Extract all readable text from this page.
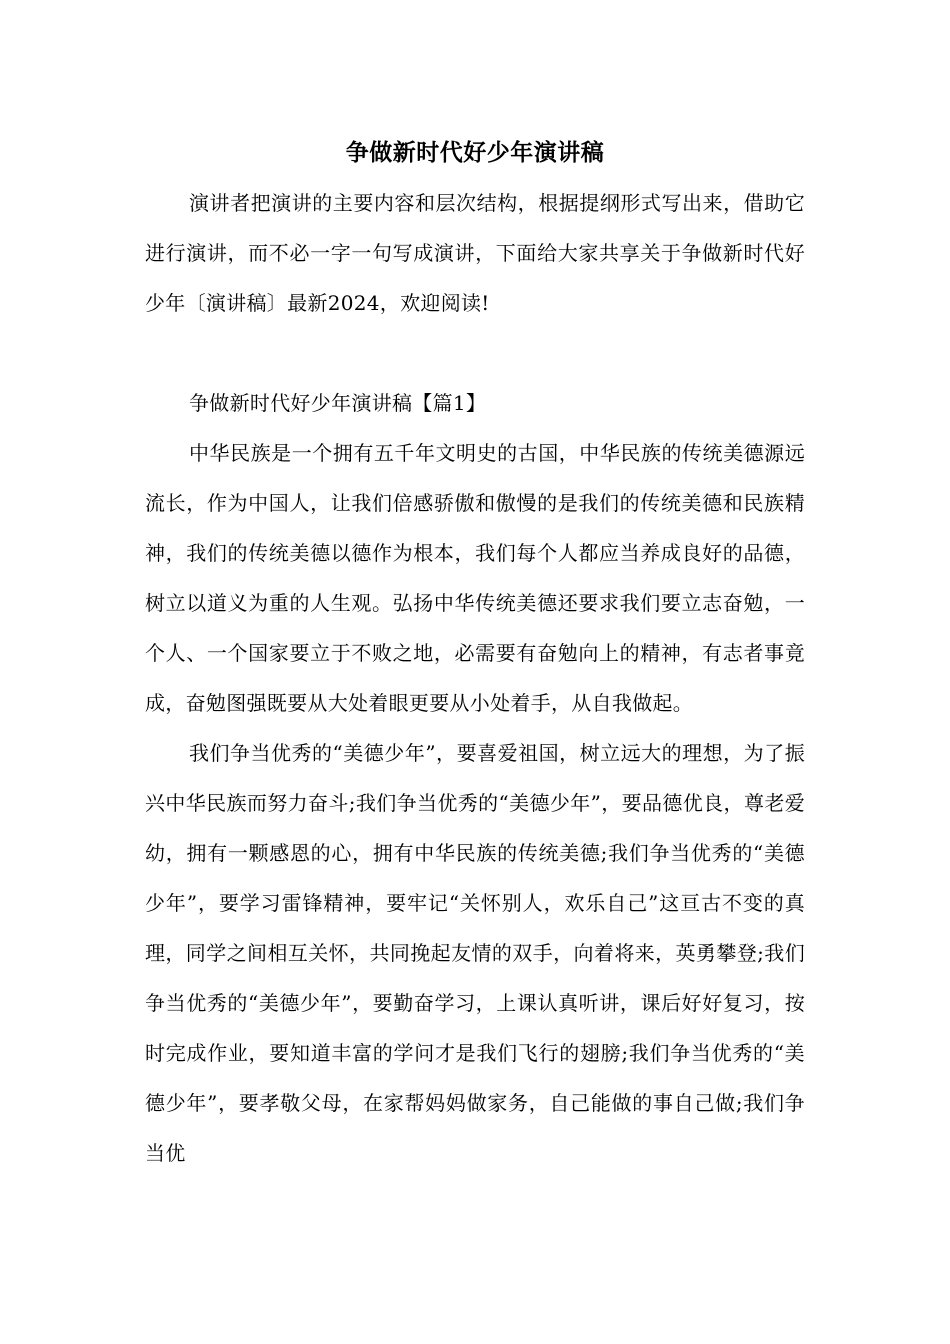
争做新时代好少年演讲稿

演讲者把演讲的主要内容和层次结构，根据提纲形式写出来，借助它进行演讲，而不必一字一句写成演讲，下面给大家共享关于争做新时代好少年〔演讲稿〕最新2024，欢迎阅读!

争做新时代好少年演讲稿【篇1】

中华民族是一个拥有五千年文明史的古国，中华民族的传统美德源远流长，作为中国人，让我们倍感骄傲和傲慢的是我们的传统美德和民族精神，我们的传统美德以德作为根本，我们每个人都应当养成良好的品德，树立以道义为重的人生观。弘扬中华传统美德还要求我们要立志奋勉，一个人、一个国家要立于不败之地，必需要有奋勉向上的精神，有志者事竟成，奋勉图强既要从大处着眼更要从小处着手，从自我做起。

我们争当优秀的“美德少年”，要喜爱祖国，树立远大的理想，为了振兴中华民族而努力奋斗;我们争当优秀的“美德少年”，要品德优良，尊老爱幼，拥有一颗感恩的心，拥有中华民族的传统美德;我们争当优秀的“美德少年”，要学习雷锋精神，要牢记“关怀别人，欢乐自己”这亘古不变的真理，同学之间相互关怀，共同挽起友情的双手，向着将来，英勇攀登;我们争当优秀的“美德少年”，要勤奋学习，上课认真听讲，课后好好复习，按时完成作业，要知道丰富的学问才是我们飞行的翅膀;我们争当优秀的“美德少年”，要孝敬父母，在家帮妈妈做家务，自己能做的事自己做;我们争当优
